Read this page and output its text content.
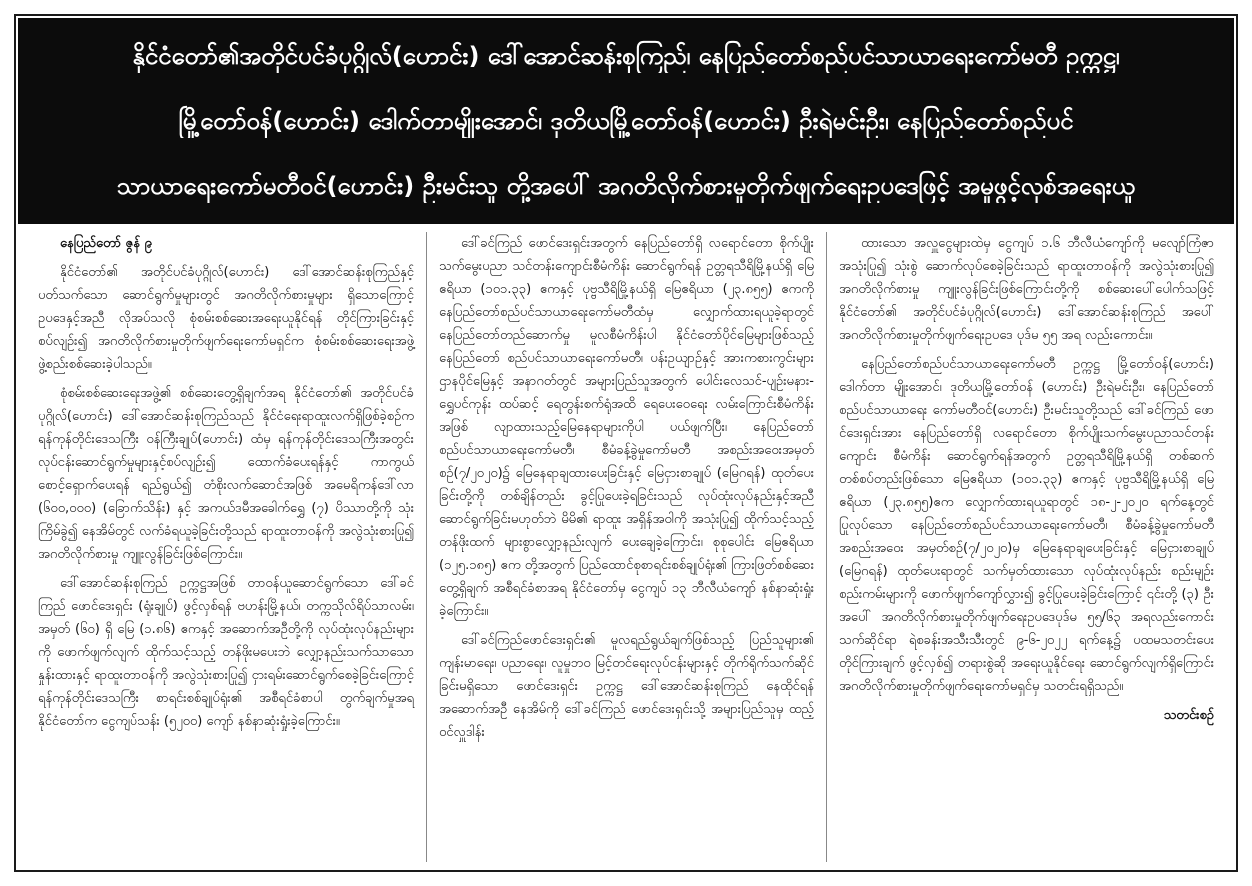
နိုင်ငံတော်၏အတိုင်ပင်ခံပုဂ္ဂိုလ်(ဟောင်း) ဒေါ်အောင်ဆန်းစုကြည်၊ နေပြည်တော်စည်ပင်သာယာရေးကော်မတီ ဥက္ကဋ္ဌ၊
မြို့တော်ဝန်(ဟောင်း) ဒေါက်တာမျိုးအောင်၊ ဒုတိယမြို့တော်ဝန်(ဟောင်း) ဦးရဲမင်းဦး၊ နေပြည်တော်စည်ပင်
သာယာရေးကော်မတီဝင်(ဟောင်း) ဦးမင်းသူ တို့အပေါ် အဂတိလိုက်စားမှုတိုက်ဖျက်ရေးဥပဒေဖြင့် အမှုဖွင့်လှစ်အရေးယူ

နေပြည်တော် ဇွန် ၉

နိုင်ငံတော်၏ အတိုင်ပင်ခံပုဂ္ဂိုလ်(ဟောင်း) ဒေါ်အောင်ဆန်းစုကြည်နှင့်ပတ်သက်သော ဆောင်ရွက်မှုများတွင် အဂတိလိုက်စားမှုများ ရှိသောကြောင့် ဥပဒေနှင့်အညီ လိုအပ်သလို စုံစမ်းစစ်ဆေးအရေးယူနိုင်ရန် တိုင်ကြားခြင်းနှင့်စပ်လျဉ်း၍ အဂတိလိုက်စားမှုတိုက်ဖျက်ရေးကော်မရှင်က စုံစမ်းစစ်ဆေးရေးအဖွဲ့ ဖွဲ့စည်းစစ်ဆေးခဲ့ပါသည်။

စုံစမ်းစစ်ဆေးရေးအဖွဲ့၏ စစ်ဆေးတွေ့ရှိချက်အရ နိုင်ငံတော်၏ အတိုင်ပင်ခံပုဂ္ဂိုလ်(ဟောင်း) ဒေါ်အောင်ဆန်းစုကြည်သည် နိုင်ငံရေးရာထူးလက်ရှိဖြစ်ခဲ့စဉ်က ရန်ကုန်တိုင်းဒေသကြီး ဝန်ကြီးချုပ်(ဟောင်း) ထံမှ ရန်ကုန်တိုင်းဒေသကြီးအတွင်း လုပ်ငန်းဆောင်ရွက်မှုများနှင့်စပ်လျဉ်း၍ ထောက်ခံပေးရန်နှင့် ကာကွယ်စောင့်ရှောက်ပေးရန် ရည်ရွယ်၍ တံစိုးလက်ဆောင်အဖြစ် အမေရိကန်ဒေါ်လာ (၆၀၀,၀၀၀) (ခြောက်သိန်း) နှင့် အကယ်ဒမီအခေါက်ရွှေ (၇) ပိဿာတို့ကို သုံးကြိမ်ခွဲ၍ နေအိမ်တွင် လက်ခံရယူခဲ့ခြင်းတို့သည် ရာထူးတာဝန်ကို အလွဲသုံးစားပြု၍ အဂတိလိုက်စားမှု ကျူးလွန်ခြင်းဖြစ်ကြောင်း။

ဒေါ်အောင်ဆန်းစုကြည် ဥက္ကဋ္ဌအဖြစ် တာဝန်ယူဆောင်ရွက်သော ဒေါ်ခင်ကြည် ဖောင်ဒေးရှင်း (ရုံးချုပ်) ဖွင့်လှစ်ရန် ဗဟန်းမြို့နယ်၊ တက္ကသိုလ်ရိပ်သာလမ်း၊ အမှတ် (၆၀) ရှိ မြေ (၁.၈၆) ဧကနှင့် အဆောက်အဦတို့ကို လုပ်ထုံးလုပ်နည်းများကို ဖောက်ဖျက်လျက် ထိုက်သင့်သည့် တန်ဖိုးမပေးဘဲ လျှော့နည်းသက်သာသော နှုန်းထားနှင့် ရာထူးတာဝန်ကို အလွဲသုံးစားပြု၍ ငှားရမ်းဆောင်ရွက်စေခဲ့ခြင်းကြောင့် ရန်ကုန်တိုင်းဒေသကြီး စာရင်းစစ်ချုပ်ရုံး၏ အစီရင်ခံစာပါ တွက်ချက်မှုအရ နိုင်ငံတော်က ငွေကျပ်သန်း (၅၂၀၀) ကျော် နစ်နာဆုံးရှုံးခဲ့ကြောင်း။

ဒေါ်ခင်ကြည် ဖောင်ဒေးရှင်းအတွက် နေပြည်တော်ရှိ လရောင်တော စိုက်ပျိုးသက်မွေးပညာ သင်တန်းကျောင်းစီမံကိန်း ဆောင်ရွက်ရန် ဥတ္တရသီရိမြို့နယ်ရှိ မြေဧရိယာ (၁၀၁.၃၃) ဧကနှင့် ပုဗ္ဗသီရိမြို့နယ်ရှိ မြေဧရိယာ (၂၃.၈၅၅) ဧကကို နေပြည်တော်စည်ပင်သာယာရေးကော်မတီထံမှ လျှောက်ထားရယူခဲ့ရာတွင် နေပြည်တော်တည်ဆောက်မှု မူလစီမံကိန်းပါ နိုင်ငံတော်ပိုင်မြေများဖြစ်သည့် နေပြည်တော် စည်ပင်သာယာရေးကော်မတီ၊ ပန်းဥယျာဉ်နှင့် အားကစားကွင်းများ ဌာနပိုင်မြေနှင့် အနာဂတ်တွင် အများပြည်သူအတွက် ပေါင်းလေသင်-ပျဉ်းမနား-ရွှေပင်ကုန်း ထပ်ဆင့် ရေတွန်းစက်ရုံအထိ ရေပေးဝေရေး လမ်းကြောင်းစီမံကိန်းအဖြစ် လျာထားသည့်မြေနေရာများကိုပါ ပယ်ဖျက်ပြီး၊ နေပြည်တော် စည်ပင်သာယာရေးကော်မတီ၊ စီမံခန့်ခွဲမှုကော်မတီ အစည်းအဝေးအမှတ်စဉ်(၇/၂၀၂၀)၌ မြေနေရာချထားပေးခြင်းနှင့် မြေငှားစာချုပ် (မြေဂရန်) ထုတ်ပေးခြင်းတို့ကို တစ်ချိန်တည်း ခွင့်ပြုပေးခဲ့ရခြင်းသည် လုပ်ထုံးလုပ်နည်းနှင့်အညီဆောင်ရွက်ခြင်းမဟုတ်ဘဲ မိမိ၏ ရာထူး အရှိန်အဝါကို အသုံးပြု၍ ထိုက်သင့်သည့်တန်ဖိုးထက် များစွာလျှော့နည်းလျက် ပေးချေခဲ့ကြောင်း၊ စုစုပေါင်း မြေဧရိယာ (၁၂၅.၁၈၅) ဧက တို့အတွက် ပြည်ထောင်စုစာရင်းစစ်ချုပ်ရုံး၏ ကြားဖြတ်စစ်ဆေးတွေ့ရှိချက် အစီရင်ခံစာအရ နိုင်ငံတော်မှ ငွေကျပ် ၁၃ ဘီလီယံကျော် နစ်နာဆုံးရှုံးခဲ့ကြောင်း။

ဒေါ်ခင်ကြည်ဖောင်ဒေးရှင်း၏ မူလရည်ရွယ်ချက်ဖြစ်သည့် ပြည်သူများ၏ ကျန်းမာရေး၊ ပညာရေး၊ လူမှုဘဝ မြင့်တင်ရေးလုပ်ငန်းများနှင့် တိုက်ရိုက်သက်ဆိုင်ခြင်းမရှိသော ဖောင်ဒေးရှင်း ဥက္ကဋ္ဌ ဒေါ်အောင်ဆန်းစုကြည် နေထိုင်ရန် အဆောက်အဦ နေအိမ်ကို ဒေါ်ခင်ကြည် ဖောင်ဒေးရှင်းသို့ အများပြည်သူမှ ထည့်ဝင်လှူဒါန်း

ထားသော အလှူငွေများထဲမှ ငွေကျပ် ၁.၆ ဘီလီယံကျော်ကို မလျော်ကြံဇာ အသုံးပြု၍ သုံးစွဲ ဆောက်လုပ်စေခဲ့ခြင်းသည် ရာထူးတာဝန်ကို အလွဲသုံးစားပြု၍ အဂတိလိုက်စားမှု ကျူးလွန်ခြင်းဖြစ်ကြောင်းတို့ကို စစ်ဆေးပေါ်ပေါက်သဖြင့် နိုင်ငံတော်၏ အတိုင်ပင်ခံပုဂ္ဂိုလ်(ဟောင်း) ဒေါ်အောင်ဆန်းစုကြည် အပေါ် အဂတိလိုက်စားမှုတိုက်ဖျက်ရေးဥပဒေ ပုဒ်မ ၅၅ အရ လည်းကောင်း။

နေပြည်တော်စည်ပင်သာယာရေးကော်မတီ ဥက္ကဋ္ဌ မြို့တော်ဝန်(ဟောင်း) ဒေါက်တာ မျိုးအောင်၊ ဒုတိယမြို့တော်ဝန် (ဟောင်း) ဦးရဲမင်းဦး၊ နေပြည်တော်စည်ပင်သာယာရေး ကော်မတီဝင်(ဟောင်း) ဦးမင်းသူတို့သည် ဒေါ်ခင်ကြည် ဖောင်ဒေးရှင်းအား နေပြည်တော်ရှိ လရောင်တော စိုက်ပျိုးသက်မွေးပညာသင်တန်းကျောင်း စီမံကိန်း ဆောင်ရွက်ရန်အတွက် ဥတ္တရသီရိမြို့နယ်ရှိ တစ်ဆက်တစ်စပ်တည်းဖြစ်သော မြေဧရိယာ (၁၀၁.၃၃) ဧကနှင့် ပုဗ္ဗသီရိမြို့နယ်ရှိ မြေဧရိယာ (၂၃.၈၅၅)ဧက လျှောက်ထားရယူရာတွင် ၁၈-၂-၂၀၂၀ ရက်နေ့တွင် ပြုလုပ်သော နေပြည်တော်စည်ပင်သာယာရေးကော်မတီ၊ စီမံခန့်ခွဲမှုကော်မတီအစည်းအဝေး အမှတ်စဉ်(၇/၂၀၂၀)မှ မြေနေရာချပေးခြင်းနှင့် မြေငှားစာချုပ် (မြေဂရန်) ထုတ်ပေးရာတွင် သက်မှတ်ထားသော လုပ်ထုံးလုပ်နည်း စည်းမျဉ်းစည်းကမ်းများကို ဖောက်ဖျက်ကျော်လွှား၍ ခွင့်ပြုပေးခဲ့ခြင်းကြောင့် ၎င်းတို့ (၃) ဦးအပေါ် အဂတိလိုက်စားမှုတိုက်ဖျက်ရေးဥပဒေပုဒ်မ ၅၅/၆၃ အရလည်းကောင်း သက်ဆိုင်ရာ ရဲစခန်းအသီးသီးတွင် ၉-၆-၂၀၂၂ ရက်နေ့၌ ပထမသတင်းပေး တိုင်ကြားချက် ဖွင့်လှစ်၍ တရားစွဲဆို အရေးယူနိုင်ရေး ဆောင်ရွက်လျက်ရှိကြောင်း အဂတိလိုက်စားမှုတိုက်ဖျက်ရေးကော်မရှင်မှ သတင်းရရှိသည်။

သတင်းစဉ်
